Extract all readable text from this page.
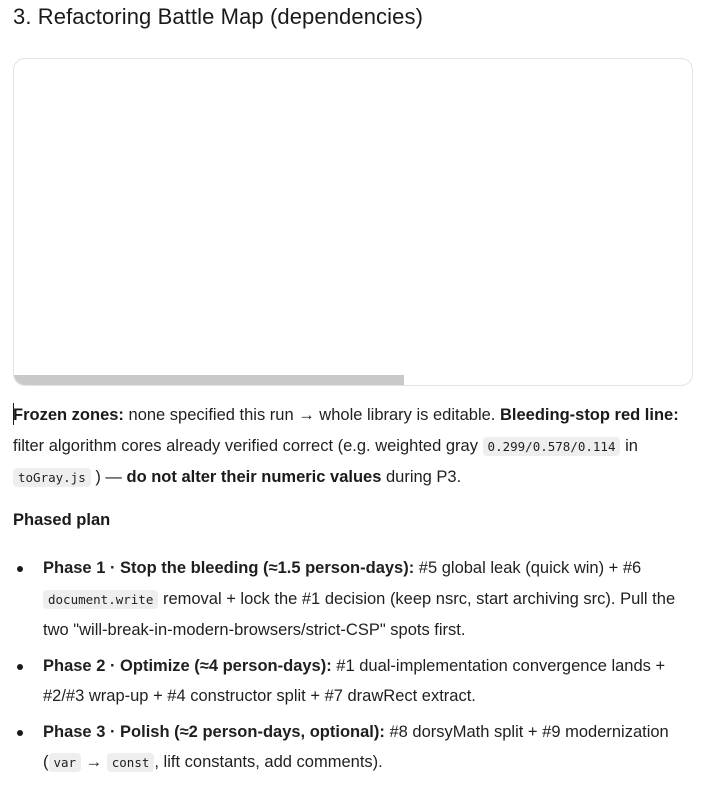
3. Refactoring Battle Map (dependencies)
Frozen zones: none specified this run → whole library is editable. Bleeding-stop red line: filter algorithm cores already verified correct (e.g. weighted gray 0.299/0.578/0.114 in toGray.js ) — do not alter their numeric values during P3.
Phased plan
Phase 1 · Stop the bleeding (≈1.5 person-days): #5 global leak (quick win) + #6 document.write removal + lock the #1 decision (keep nsrc, start archiving src). Pull the two "will-break-in-modern-browsers/strict-CSP" spots first.
Phase 2 · Optimize (≈4 person-days): #1 dual-implementation convergence lands + #2/#3 wrap-up + #4 constructor split + #7 drawRect extract.
Phase 3 · Polish (≈2 person-days, optional): #8 dorsyMath split + #9 modernization ( var → const , lift constants, add comments).
